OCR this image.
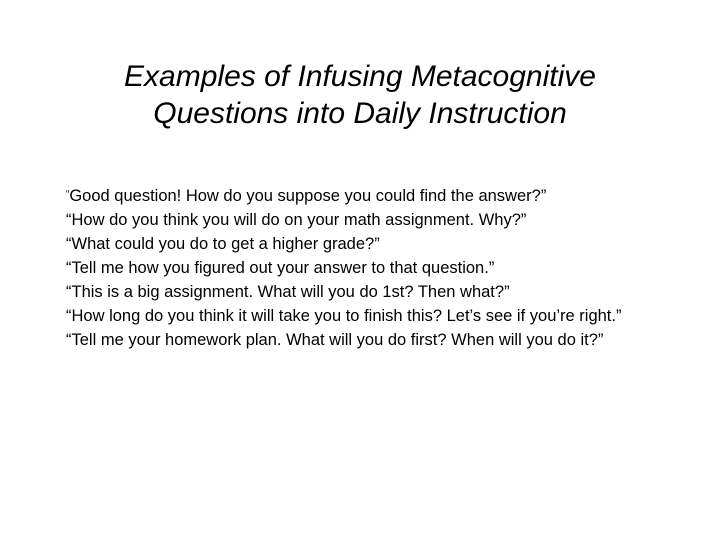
Examples of Infusing Metacognitive
Questions into Daily Instruction
“Good question! How do you suppose you could find the answer?”
“How do you think you will do on your math assignment. Why?”
“What could you do to get a higher grade?”
“Tell me how you figured out your answer to that question.”
“This is a big assignment. What will you do 1st? Then what?”
“How long do you think it will take you to finish this? Let’s see if you’re right.”
“Tell me your homework plan. What will you do first? When will you do it?”
